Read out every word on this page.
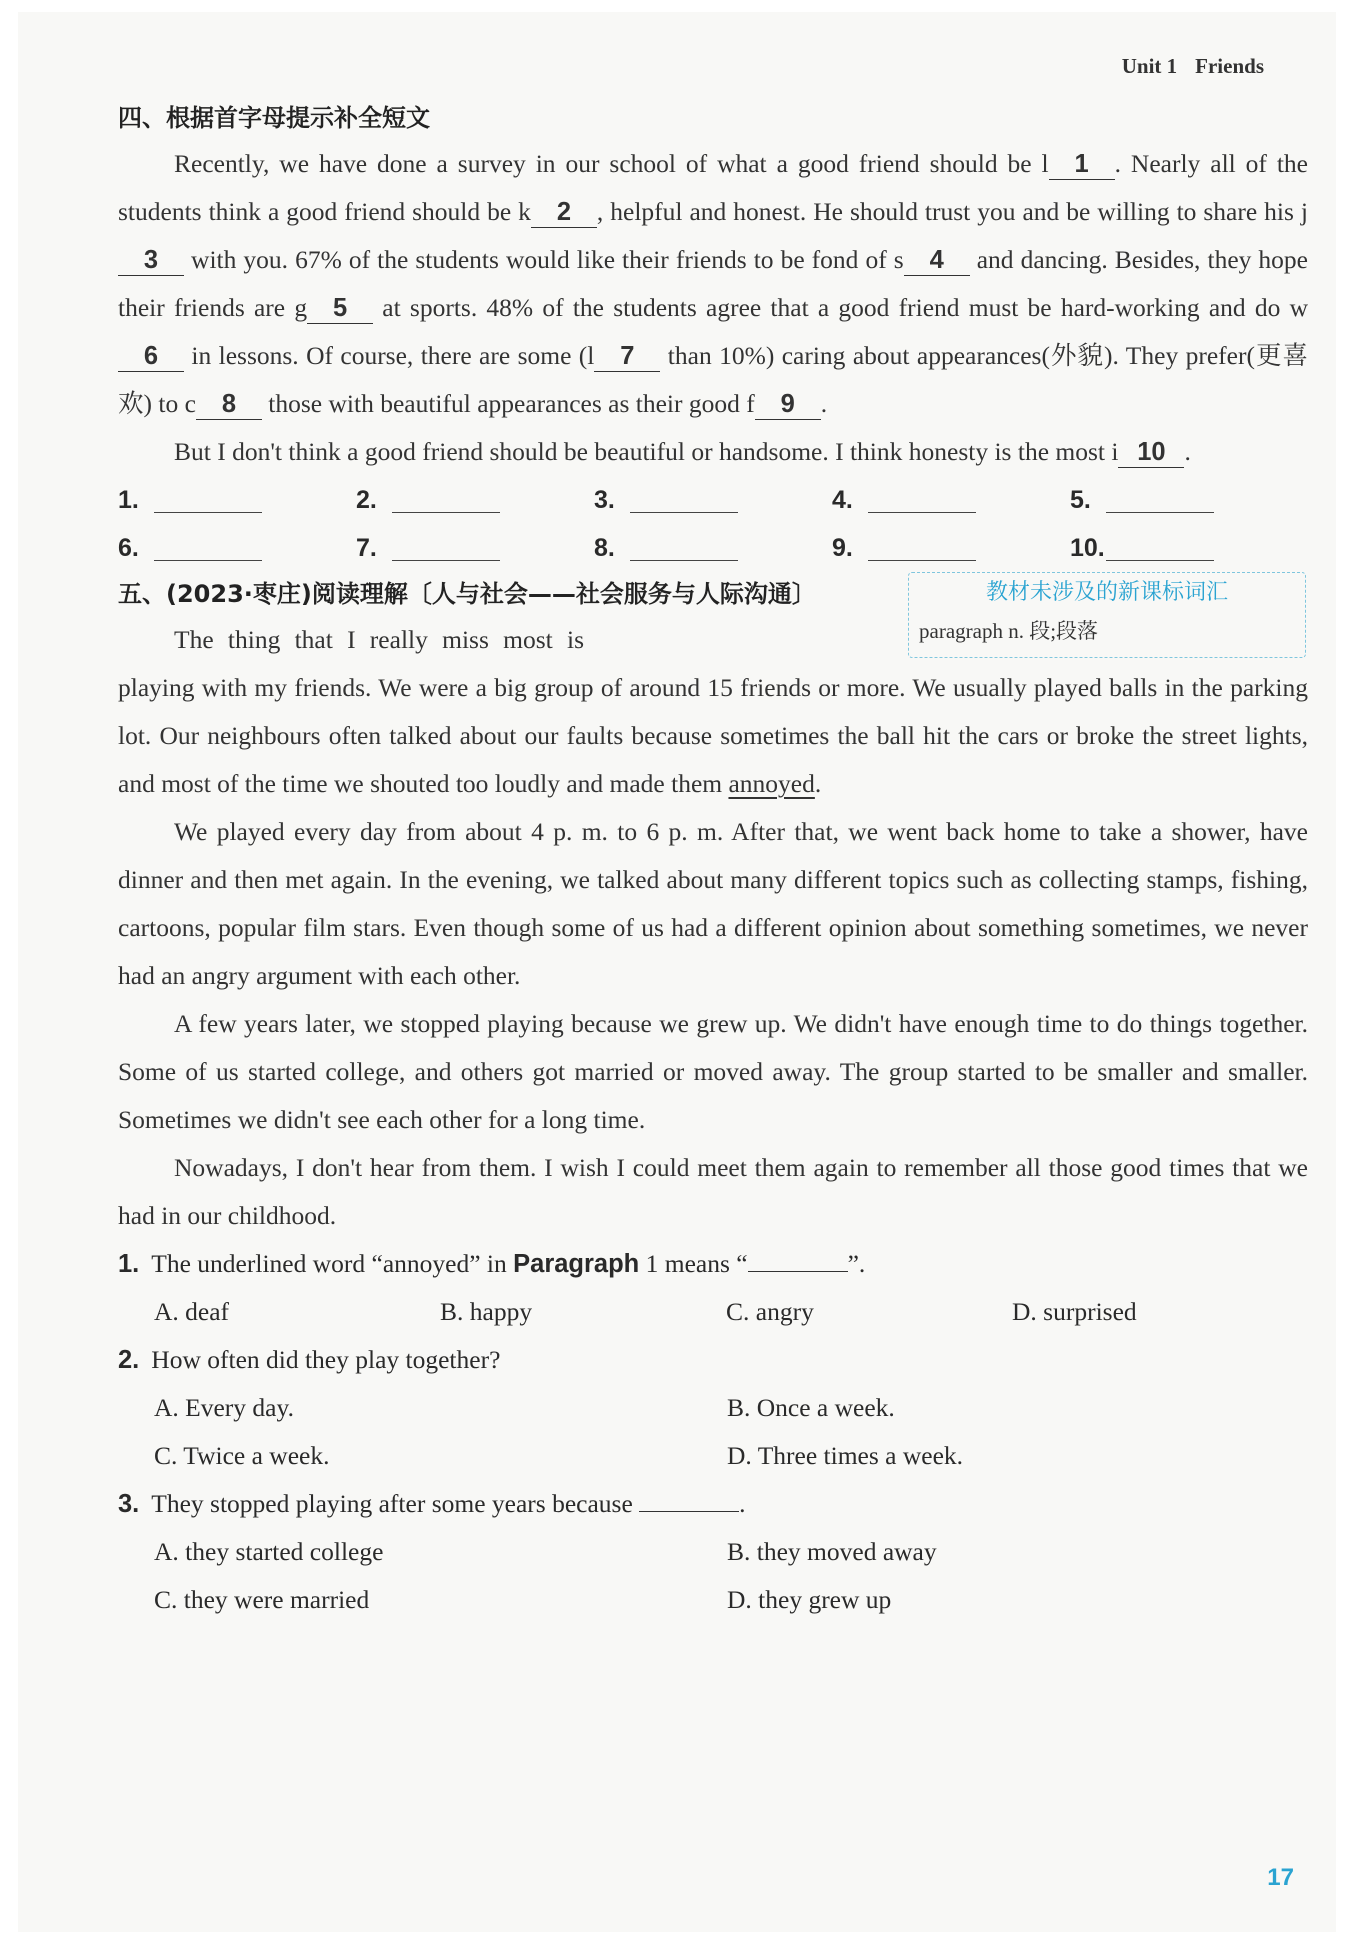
Unit 1 Friends
四、根据首字母提示补全短文

Recently, we have done a survey in our school of what a good friend should be l 1 . Nearly all of the students think a good friend should be k 2 , helpful and honest. He should trust you and be willing to share his j3 with you. 67% of the students would like their friends to be fond of s 4 and dancing. Besides, they hope their friends are g 5 at sports. 48% of the students agree that a good friend must be hard-working and do w6 in lessons. Of course, there are some (l 7 than 10%) caring about appearances(外貌). They prefer(更喜欢) to c 8 those with beautiful appearances as their good f 9 .

But I don't think a good friend should be beautiful or handsome. I think honesty is the most i 10 .

1.	2.	3.	4.	5.
6.	7.	8.	9.	10.
五、(2023·枣庄)阅读理解〔人与社会——社会服务与人际沟通〕	教材未涉及的新课标词汇
paragraph n. 段;段落

The thing that I really miss most is playing with my friends. We were a big group of around 15 friends or more. We usually played balls in the parking lot. Our neighbours often talked about our faults because sometimes the ball hit the cars or broke the street lights, and most of the time we shouted too loudly and made them annoyed.

We played every day from about 4 p. m. to 6 p. m. After that, we went back home to take a shower, have dinner and then met again. In the evening, we talked about many different topics such as collecting stamps, fishing, cartoons, popular film stars. Even though some of us had a different opinion about something sometimes, we never had an angry argument with each other.

A few years later, we stopped playing because we grew up. We didn't have enough time to do things together. Some of us started college, and others got married or moved away. The group started to be smaller and smaller. Sometimes we didn't see each other for a long time.

Nowadays, I don't hear from them. I wish I could meet them again to remember all those good times that we had in our childhood.

1. The underlined word “annoyed” in Paragraph 1 means “	”.

A. deaf	B. happy	C. angry	D. surprised

2. How often did they play together?

A. Every day.	B. Once a week.
C. Twice a week.	D. Three times a week.

3. They stopped playing after some years because	.

A. they started college	B. they moved away
C. they were married	D. they grew up
17
